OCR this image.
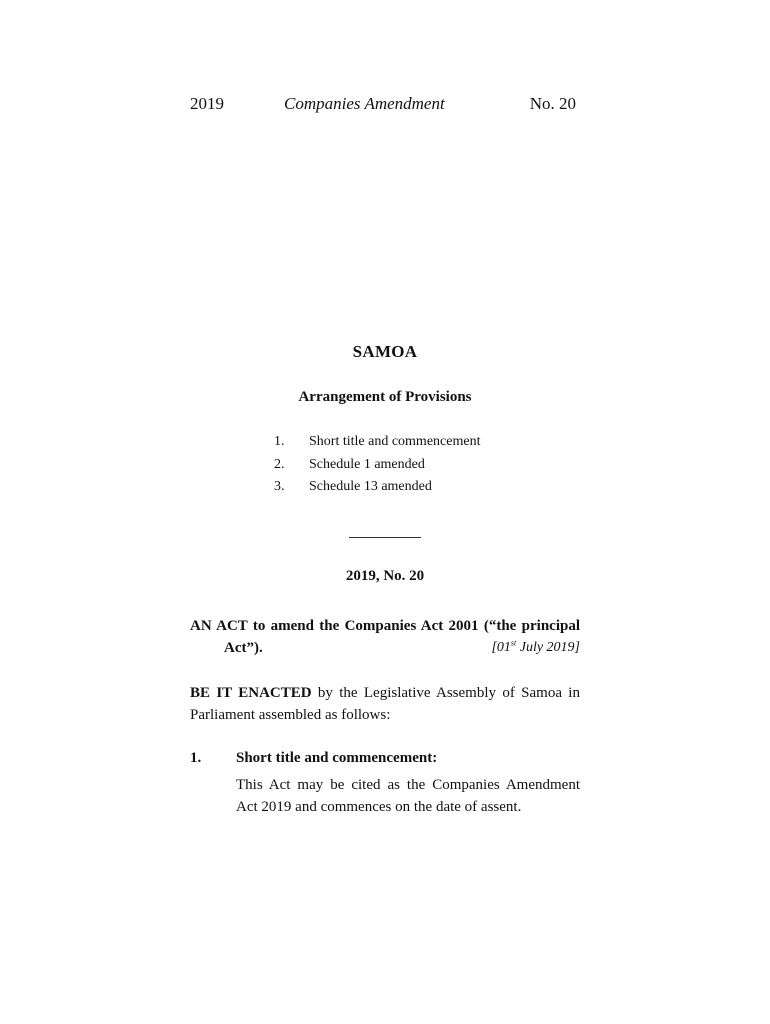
2019	Companies Amendment	No. 20
SAMOA
Arrangement of Provisions
1. Short title and commencement
2. Schedule 1 amended
3. Schedule 13 amended
2019, No. 20
AN ACT to amend the Companies Act 2001 (“the principal
Act”).	[01st July 2019]
BE IT ENACTED by the Legislative Assembly of Samoa in
Parliament assembled as follows:
1. Short title and commencement:
This Act may be cited as the Companies Amendment
Act 2019 and commences on the date of assent.
